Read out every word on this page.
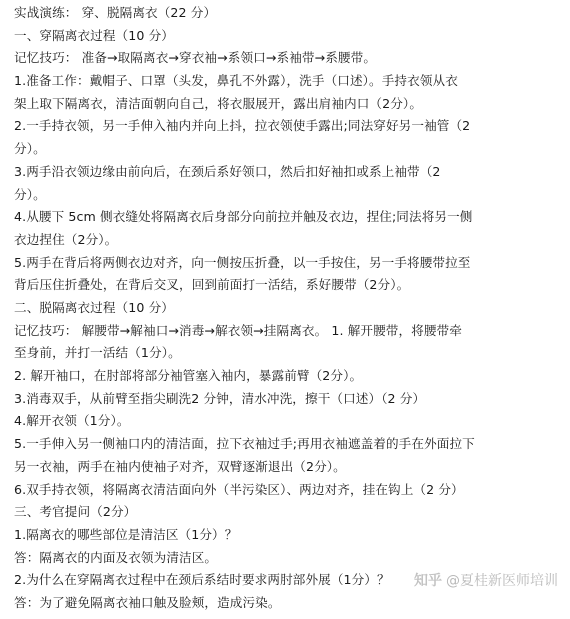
实战演练： 穿、脱隔离衣（22 分）
一、穿隔离衣过程（10 分）
记忆技巧： 准备→取隔离衣→穿衣袖→系领口→系袖带→系腰带。
1.准备工作：戴帽子、口罩（头发，鼻孔不外露），洗手（口述）。手持衣领从衣
架上取下隔离衣，清洁面朝向自己，将衣服展开，露出肩袖内口（2分）。
2.一手持衣领，另一手伸入袖内并向上抖，拉衣领使手露出;同法穿好另一袖管（2
分）。
3.两手沿衣领边缘由前向后，在颈后系好领口，然后扣好袖扣或系上袖带（2
分）。
4.从腰下 5cm 侧衣缝处将隔离衣后身部分向前拉并触及衣边，捏住;同法将另一侧
衣边捏住（2分）。
5.两手在背后将两侧衣边对齐，向一侧按压折叠，以一手按住，另一手将腰带拉至
背后压住折叠处，在背后交叉，回到前面打一活结，系好腰带（2分）。
二、脱隔离衣过程（10 分）
记忆技巧： 解腰带→解袖口→消毒→解衣领→挂隔离衣。 1. 解开腰带，将腰带牵
至身前，并打一活结（1分）。
2. 解开袖口，在肘部将部分袖管塞入袖内，暴露前臂（2分）。
3.消毒双手，从前臂至指尖刷洗2 分钟，清水冲洗，擦干（口述）（2 分）
4.解开衣领（1分）。
5.一手伸入另一侧袖口内的清洁面，拉下衣袖过手;再用衣袖遮盖着的手在外面拉下
另一衣袖，两手在袖内使袖子对齐，双臂逐渐退出（2分）。
6.双手持衣领，将隔离衣清洁面向外（半污染区）、两边对齐，挂在钩上（2 分）
三、考官提问（2分）
1.隔离衣的哪些部位是清洁区（1分）？
答：隔离衣的内面及衣领为清洁区。
2.为什么在穿隔离衣过程中在颈后系结时要求两肘部外展（1分）？
答：为了避免隔离衣袖口触及脸颊，造成污染。
知乎 @夏桂新医师培训
